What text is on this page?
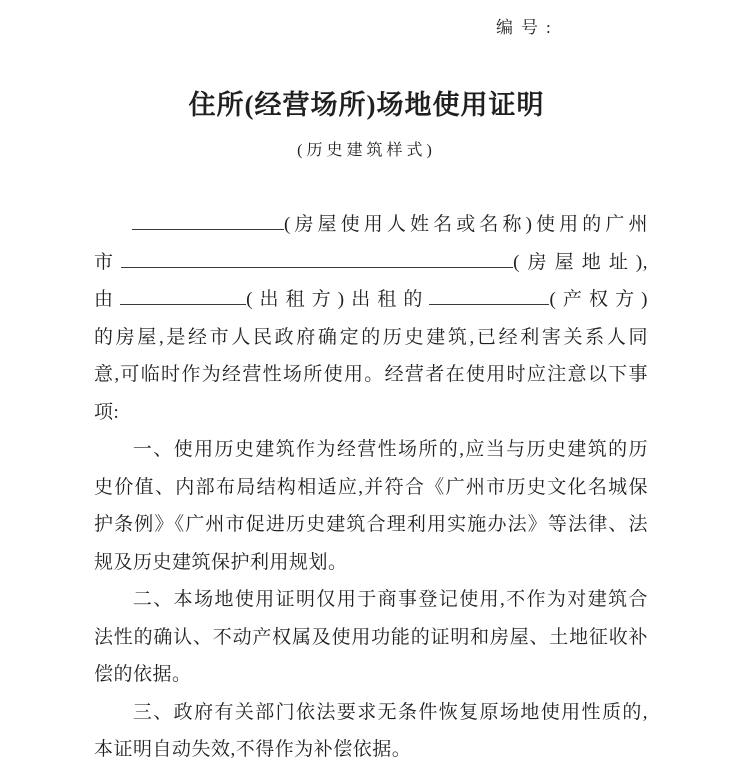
编号:
住所(经营场所)场地使用证明
(历史建筑样式)
(房屋使用人姓名或名称)使用的广州
市	(房屋地址),
由	(出租方)出租的	(产权方)
的房屋,是经市人民政府确定的历史建筑,已经利害关系人同
意,可临时作为经营性场所使用。经营者在使用时应注意以下事
项:
一、使用历史建筑作为经营性场所的,应当与历史建筑的历
史价值、内部布局结构相适应,并符合《广州市历史文化名城保
护条例》《广州市促进历史建筑合理利用实施办法》等法律、法
规及历史建筑保护利用规划。
二、本场地使用证明仅用于商事登记使用,不作为对建筑合
法性的确认、不动产权属及使用功能的证明和房屋、土地征收补
偿的依据。
三、政府有关部门依法要求无条件恢复原场地使用性质的,
本证明自动失效,不得作为补偿依据。
